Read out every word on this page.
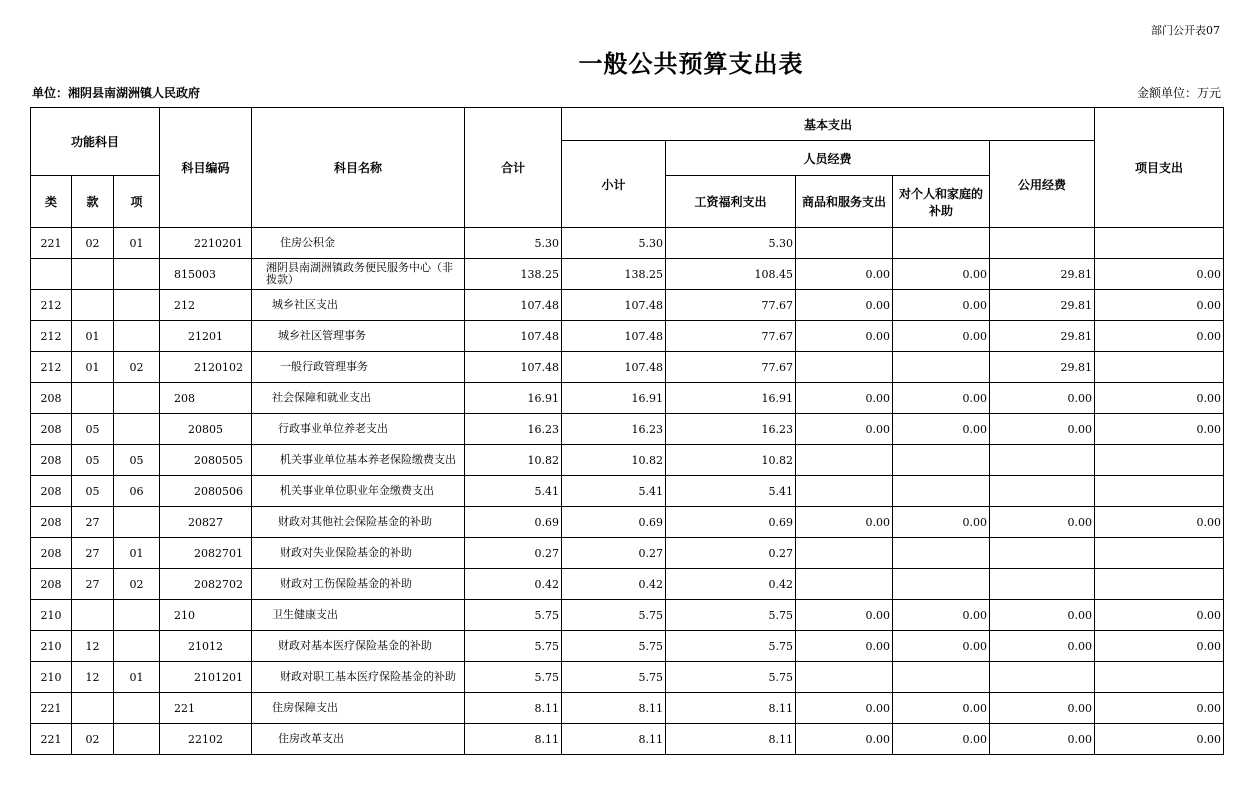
部门公开表07
一般公共预算支出表
单位：湘阴县南湖洲镇人民政府	金额单位：万元
功能科目			科目编码	科目名称	合计	基本支出					项目支出
						小计	人员经费			公用经费	
类	款	项					工资福利支出	商品和服务支出	对个人和家庭的补助		
221	02	01	2210201	住房公积金	5.30	5.30	5.30				
			815003	湘阴县南湖洲镇政务便民服务中心（非拨款）	138.25	138.25	108.45	0.00	0.00	29.81	0.00
212			212	城乡社区支出	107.48	107.48	77.67	0.00	0.00	29.81	0.00
212	01		21201	城乡社区管理事务	107.48	107.48	77.67	0.00	0.00	29.81	0.00
212	01	02	2120102	一般行政管理事务	107.48	107.48	77.67			29.81	
208			208	社会保障和就业支出	16.91	16.91	16.91	0.00	0.00	0.00	0.00
208	05		20805	行政事业单位养老支出	16.23	16.23	16.23	0.00	0.00	0.00	0.00
208	05	05	2080505	机关事业单位基本养老保险缴费支出	10.82	10.82	10.82				
208	05	06	2080506	机关事业单位职业年金缴费支出	5.41	5.41	5.41				
208	27		20827	财政对其他社会保险基金的补助	0.69	0.69	0.69	0.00	0.00	0.00	0.00
208	27	01	2082701	财政对失业保险基金的补助	0.27	0.27	0.27				
208	27	02	2082702	财政对工伤保险基金的补助	0.42	0.42	0.42				
210			210	卫生健康支出	5.75	5.75	5.75	0.00	0.00	0.00	0.00
210	12		21012	财政对基本医疗保险基金的补助	5.75	5.75	5.75	0.00	0.00	0.00	0.00
210	12	01	2101201	财政对职工基本医疗保险基金的补助	5.75	5.75	5.75				
221			221	住房保障支出	8.11	8.11	8.11	0.00	0.00	0.00	0.00
221	02		22102	住房改革支出	8.11	8.11	8.11	0.00	0.00	0.00	0.00
